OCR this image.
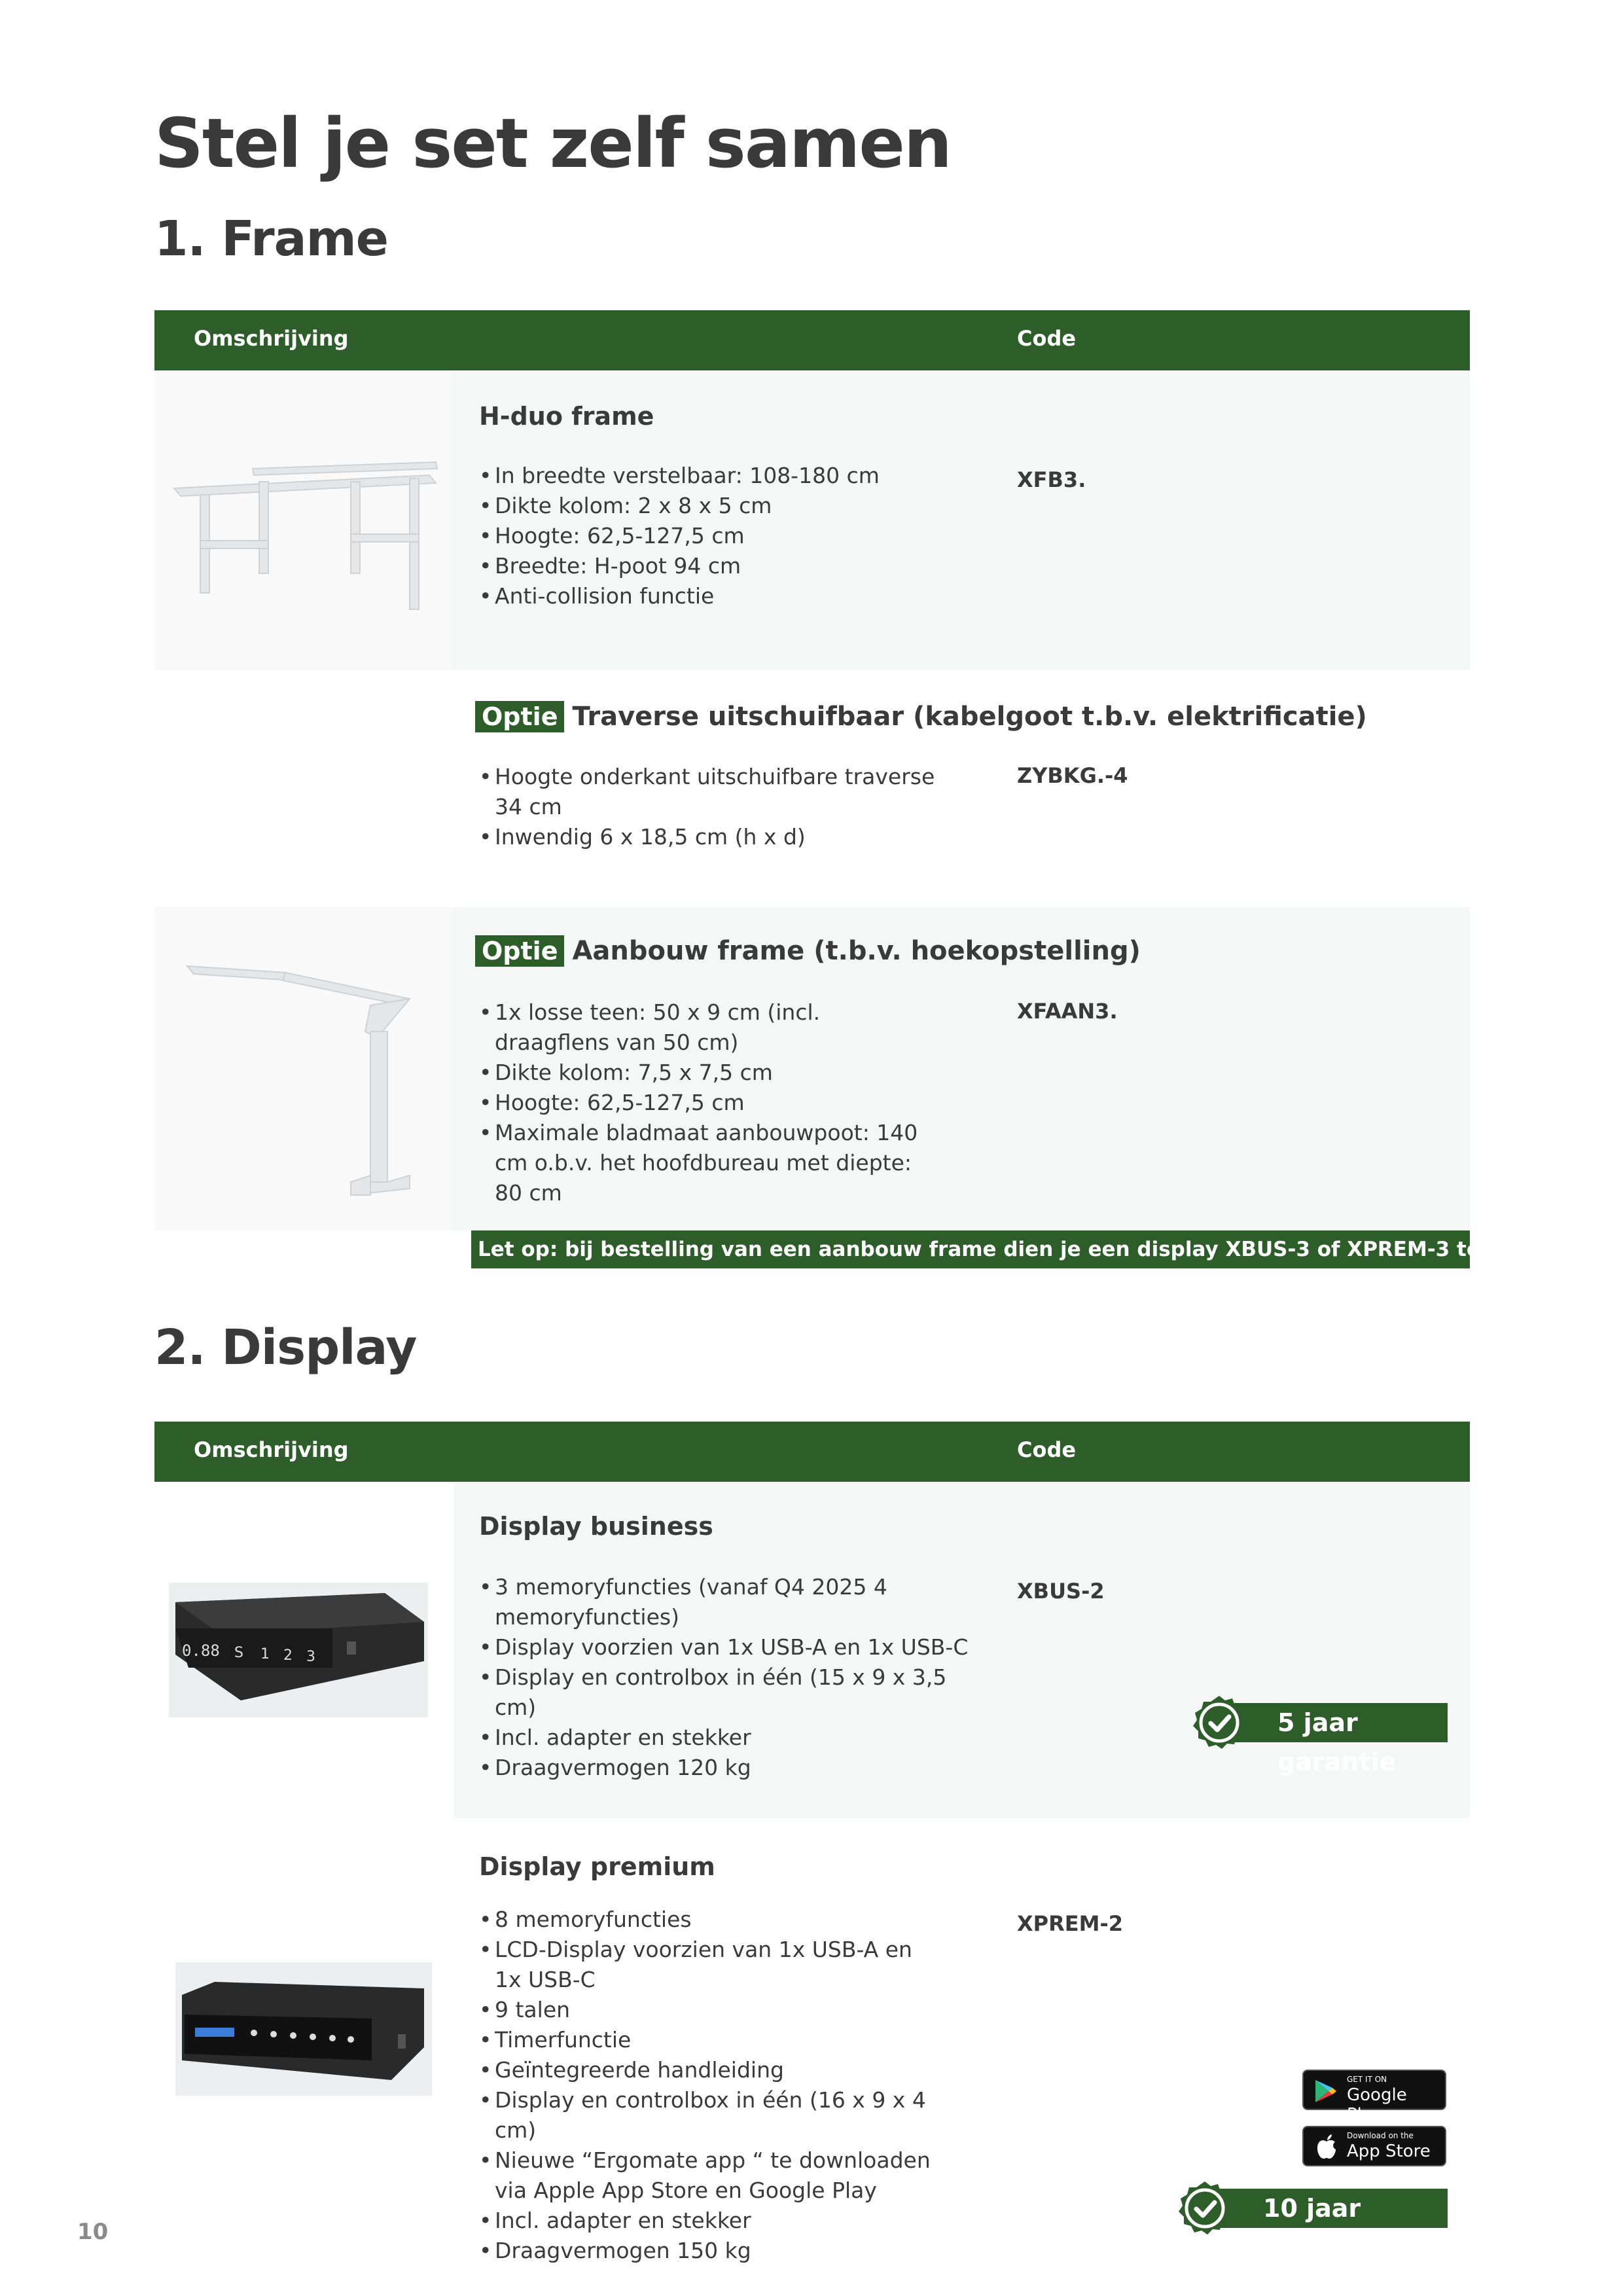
Stel je set zelf samen
1. Frame
Omschrijving	Code
H-duo frame
• In breedte verstelbaar: 108-180 cm
• Dikte kolom: 2 x 8 x 5 cm
• Hoogte: 62,5-127,5 cm
• Breedte: H-poot 94 cm
• Anti-collision functie
XFB3.
Optie Traverse uitschuifbaar (kabelgoot t.b.v. elektrificatie)
• Hoogte onderkant uitschuifbare traverse 34 cm
• Inwendig 6 x 18,5 cm (h x d)
ZYBKG.-4
Optie Aanbouw frame (t.b.v. hoekopstelling)
• 1x losse teen: 50 x 9 cm (incl. draagflens van 50 cm)
• Dikte kolom: 7,5 x 7,5 cm
• Hoogte: 62,5-127,5 cm
• Maximale bladmaat aanbouwpoot: 140 cm o.b.v. het hoofdbureau met diepte: 80 cm
XFAAN3.
Let op: bij bestelling van een aanbouw frame dien je een display XBUS-3 of XPREM-3 te bestellen.
2. Display
Omschrijving	Code
0.88 S 1 2 3
Display business
• 3 memoryfuncties (vanaf Q4 2025 4 memoryfuncties)
• Display voorzien van 1x USB-A en 1x USB-C
• Display en controlbox in één (15 x 9 x 3,5 cm)
• Incl. adapter en stekker
• Draagvermogen 120 kg
XBUS-2
5 jaar garantie
Display premium
• 8 memoryfuncties
• LCD-Display voorzien van 1x USB-A en 1x USB-C
• 9 talen
• Timerfunctie
• Geïntegreerde handleiding
• Display en controlbox in één (16 x 9 x 4 cm)
• Nieuwe “Ergomate app “ te downloaden via Apple App Store en Google Play
• Incl. adapter en stekker
• Draagvermogen 150 kg
XPREM-2
GET IT ON
Google Play
Download on the
App Store
10 jaar garantie
10
